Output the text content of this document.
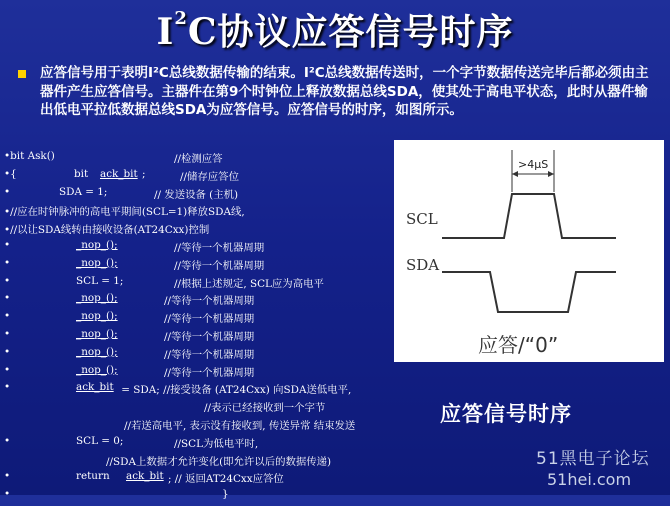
$I^2C$协议应答信号时序
应答信号用于表明I²C总线数据传输的结束。I²C总线数据传送时，一个字节数据传送完毕后都必须由主器件产生应答信号。主器件在第9个时钟位上释放数据总线SDA，使其处于高电平状态，此时从器件输出低电平拉低数据总线SDA为应答信号。应答信号的时序，如图所示。
•bit Ask()	//检测应答
•{	bit ack_bit ;	//储存应答位
•	SDA = 1;	// 发送设备 (主机)
•//应在时钟脉冲的高电平期间(SCL=1)释放SDA线,
•//以让SDA线转由接收设备(AT24Cxx)控制
•	_nop_();	//等待一个机器周期
•	_nop_();	//等待一个机器周期
•	SCL = 1;	//根据上述规定, SCL应为高电平
•	_nop_();	//等待一个机器周期
•	_nop_();	//等待一个机器周期
•	_nop_();	//等待一个机器周期
•	_nop_();	//等待一个机器周期
•	_nop_();	//等待一个机器周期
•	ack_bit = SDA; //接受设备 (AT24Cxx) 向SDA送低电平,
//表示已经接收到一个字节
//若送高电平, 表示没有接收到, 传送异常 结束发送
•	SCL = 0;	//SCL为低电平时,
//SDA上数据才允许变化(即允许以后的数据传递)
•	return ack_bit ; // 返回AT24Cxx应答位
•	}
>4μS
SCL
SDA
应答/“0”
应答信号时序
51黑电子论坛
51hei.com
